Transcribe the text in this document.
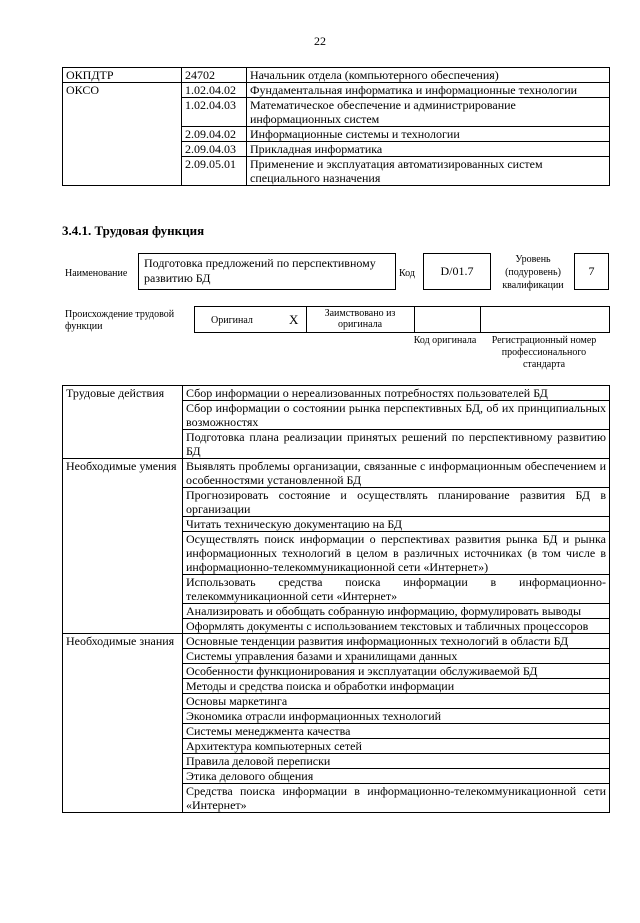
22
ОКПДТР	24702	Начальник отдела (компьютерного обеспечения)
ОКСО	1.02.04.02	Фундаментальная информатика и информационные технологии
	1.02.04.03	Математическое обеспечение и администрирование информационных систем
	2.09.04.02	Информационные системы и технологии
	2.09.04.03	Прикладная информатика
	2.09.05.01	Применение и эксплуатация автоматизированных систем специального назначения
3.4.1. Трудовая функция
Наименование
Подготовка предложений по перспективному развитию БД	Код	D/01.7
Уровень (подуровень) квалификации
7
Происхождение трудовой функции
Оригинал	X	Заимствовано из оригинала
Код оригинала	Регистрационный номер профессионального стандарта
Трудовые действия	Сбор информации о нереализованных потребностях пользователей БД
	Сбор информации о состоянии рынка перспективных БД, об их принципиальных возможностях
	Подготовка плана реализации принятых решений по перспективному развитию БД
Необходимые умения	Выявлять проблемы организации, связанные с информационным обеспечением и особенностями установленной БД
	Прогнозировать состояние и осуществлять планирование развития БД в организации
	Читать техническую документацию на БД
	Осуществлять поиск информации о перспективах развития рынка БД и рынка информационных технологий в целом в различных источниках (в том числе в информационно-телекоммуникационной сети «Интернет»)
	Использовать средства поиска информации в информационно-телекоммуникационной сети «Интернет»
	Анализировать и обобщать собранную информацию, формулировать выводы
	Оформлять документы с использованием текстовых и табличных процессоров
Необходимые знания	Основные тенденции развития информационных технологий в области БД
	Системы управления базами и хранилищами данных
	Особенности функционирования и эксплуатации обслуживаемой БД
	Методы и средства поиска и обработки информации
	Основы маркетинга
	Экономика отрасли информационных технологий
	Системы менеджмента качества
	Архитектура компьютерных сетей
	Правила деловой переписки
	Этика делового общения
	Средства поиска информации в информационно-телекоммуникационной сети «Интернет»
